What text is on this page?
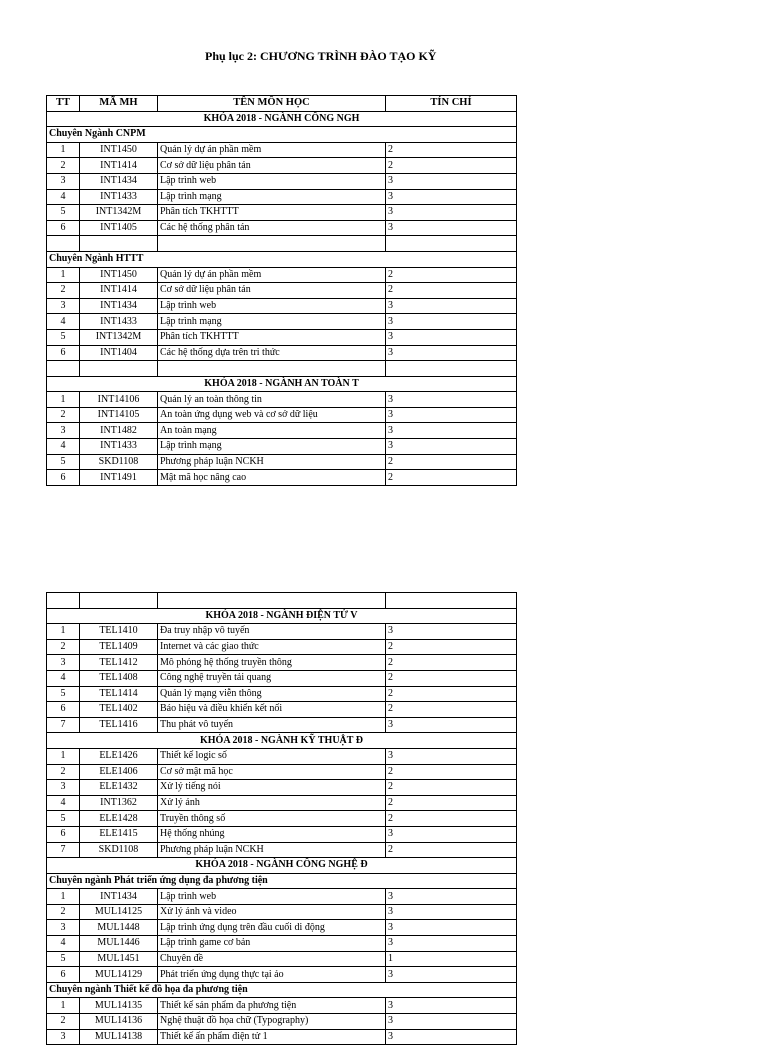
Phụ lục 2: CHƯƠNG TRÌNH ĐÀO TẠO KỸ
TT	MÃ MH	TÊN MÔN HỌC	TÍN CHỈ
KHÓA 2018 - NGÀNH CÔNG NGH			
Chuyên Ngành CNPM			
1	INT1450	Quản lý dự án phần mềm	2
2	INT1414	Cơ sở dữ liệu phân tán	2
3	INT1434	Lập trình web	3
4	INT1433	Lập trình mạng	3
5	INT1342M	Phân tích TKHTTT	3
6	INT1405	Các hệ thống phân tán	3

Chuyên Ngành HTTT			
1	INT1450	Quản lý dự án phần mềm	2
2	INT1414	Cơ sở dữ liệu phân tán	2
3	INT1434	Lập trình web	3
4	INT1433	Lập trình mạng	3
5	INT1342M	Phân tích TKHTTT	3
6	INT1404	Các hệ thống dựa trên tri thức	3

KHÓA 2018 - NGÀNH AN TOÀN T			
1	INT14106	Quản lý an toàn thông tin	3
2	INT14105	An toàn ứng dụng web và cơ sở dữ liệu	3
3	INT1482	An toàn mạng	3
4	INT1433	Lập trình mạng	3
5	SKD1108	Phương pháp luận NCKH	2
6	INT1491	Mật mã học nâng cao	2

KHÓA 2018 - NGÀNH ĐIỆN TỬ V			
1	TEL1410	Đa truy nhập vô tuyến	3
2	TEL1409	Internet và các giao thức	2
3	TEL1412	Mô phỏng hệ thống truyền thông	2
4	TEL1408	Công nghệ truyền tải quang	2
5	TEL1414	Quản lý mạng viễn thông	2
6	TEL1402	Báo hiệu và điều khiển kết nối	2
7	TEL1416	Thu phát vô tuyến	3
KHÓA 2018 - NGÀNH KỸ THUẬT Đ			
1	ELE1426	Thiết kế logic số	3
2	ELE1406	Cơ sở mật mã học	2
3	ELE1432	Xử lý tiếng nói	2
4	INT1362	Xử lý ảnh	2
5	ELE1428	Truyền thông số	2
6	ELE1415	Hệ thống nhúng	3
7	SKD1108	Phương pháp luận NCKH	2
KHÓA 2018 - NGÀNH CÔNG NGHỆ Đ			
Chuyên ngành Phát triển ứng dụng đa phương tiện			
1	INT1434	Lập trình web	3
2	MUL14125	Xử lý ảnh và video	3
3	MUL1448	Lập trình ứng dụng trên đầu cuối di động	3
4	MUL1446	Lập trình game cơ bản	3
5	MUL1451	Chuyên đề	1
6	MUL14129	Phát triển ứng dụng thực tại ảo	3
Chuyên ngành Thiết kế đồ họa đa phương tiện			
1	MUL14135	Thiết kế sản phẩm đa phương tiện	3
2	MUL14136	Nghệ thuật đồ họa chữ (Typography)	3
3	MUL14138	Thiết kế ấn phẩm điện tử 1	3
